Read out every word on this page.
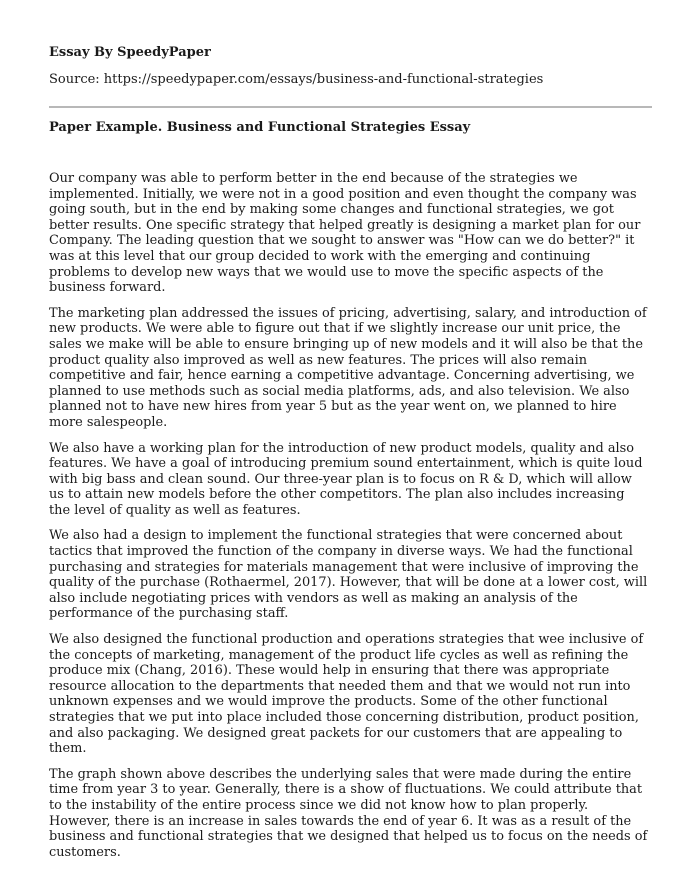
Essay By SpeedyPaper
Source: https://speedypaper.com/essays/business-and-functional-strategies
Paper Example. Business and Functional Strategies Essay

Our company was able to perform better in the end because of the strategies we implemented. Initially, we were not in a good position and even thought the company was going south, but in the end by making some changes and functional strategies, we got better results. One specific strategy that helped greatly is designing a market plan for our Company. The leading question that we sought to answer was "How can we do better?" it was at this level that our group decided to work with the emerging and continuing problems to develop new ways that we would use to move the specific aspects of the business forward.

The marketing plan addressed the issues of pricing, advertising, salary, and introduction of new products. We were able to figure out that if we slightly increase our unit price, the sales we make will be able to ensure bringing up of new models and it will also be that the product quality also improved as well as new features. The prices will also remain competitive and fair, hence earning a competitive advantage. Concerning advertising, we planned to use methods such as social media platforms, ads, and also television. We also planned not to have new hires from year 5 but as the year went on, we planned to hire more salespeople.

We also have a working plan for the introduction of new product models, quality and also features. We have a goal of introducing premium sound entertainment, which is quite loud with big bass and clean sound. Our three-year plan is to focus on R & D, which will allow us to attain new models before the other competitors. The plan also includes increasing the level of quality as well as features.

We also had a design to implement the functional strategies that were concerned about tactics that improved the function of the company in diverse ways. We had the functional purchasing and strategies for materials management that were inclusive of improving the quality of the purchase (Rothaermel, 2017). However, that will be done at a lower cost, will also include negotiating prices with vendors as well as making an analysis of the performance of the purchasing staff.

We also designed the functional production and operations strategies that wee inclusive of the concepts of marketing, management of the product life cycles as well as refining the produce mix (Chang, 2016). These would help in ensuring that there was appropriate resource allocation to the departments that needed them and that we would not run into unknown expenses and we would improve the products. Some of the other functional strategies that we put into place included those concerning distribution, product position, and also packaging. We designed great packets for our customers that are appealing to them.

The graph shown above describes the underlying sales that were made during the entire time from year 3 to year. Generally, there is a show of fluctuations. We could attribute that to the instability of the entire process since we did not know how to plan properly. However, there is an increase in sales towards the end of year 6. It was as a result of the business and functional strategies that we designed that helped us to focus on the needs of customers.
